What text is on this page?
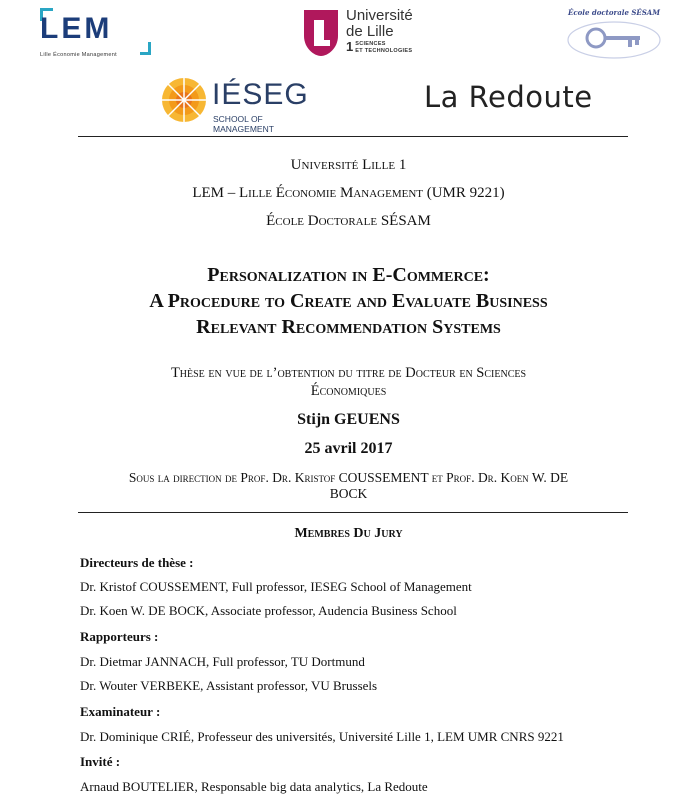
LEM
Lille Économie Management
Université
de Lille
1 SCIENCES
ET TECHNOLOGIES
École doctorale SÉSAM
IÉSEG
SCHOOL OF MANAGEMENT
La Redoute
Université Lille 1
LEM – Lille Économie Management (UMR 9221)
École Doctorale SÉSAM
Personalization in E-Commerce:
A Procedure to Create and Evaluate Business
Relevant Recommendation Systems
Thèse en vue de l’obtention du titre de Docteur en Sciences
Économiques
Stijn GEUENS
25 avril 2017
Sous la direction de Prof. Dr. Kristof COUSSEMENT et Prof. Dr. Koen W. DE
BOCK
Membres Du Jury
Directeurs de thèse :
Dr. Kristof COUSSEMENT, Full professor, IESEG School of Management
Dr. Koen W. DE BOCK, Associate professor, Audencia Business School
Rapporteurs :
Dr. Dietmar JANNACH, Full professor, TU Dortmund
Dr. Wouter VERBEKE, Assistant professor, VU Brussels
Examinateur :
Dr. Dominique CRIÉ, Professeur des universités, Université Lille 1, LEM UMR CNRS 9221
Invité :
Arnaud BOUTELIER, Responsable big data analytics, La Redoute
